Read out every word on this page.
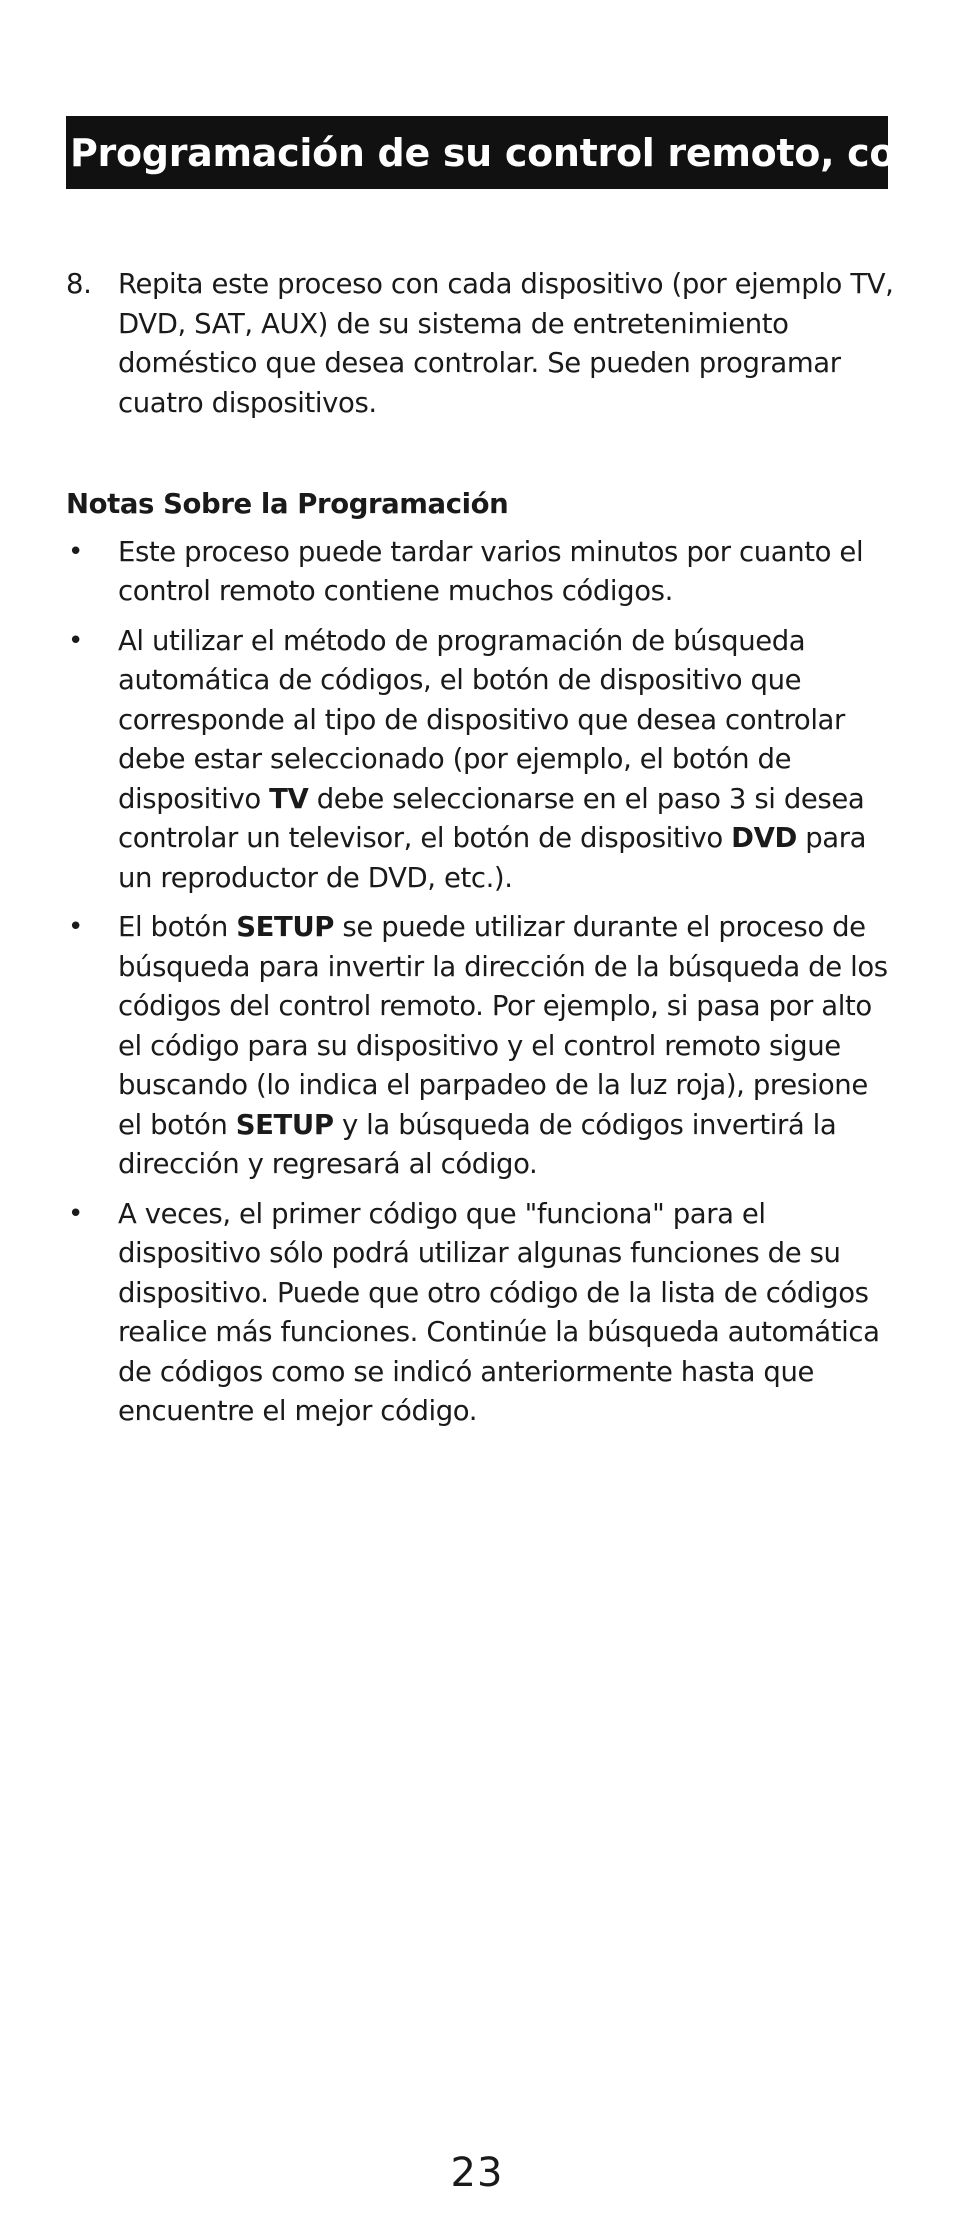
Programación de su control remoto, cont.
8. Repita este proceso con cada dispositivo (por ejemplo TV, DVD, SAT, AUX) de su sistema de entretenimiento doméstico que desea controlar. Se pueden programar cuatro dispositivos.

Notas Sobre la Programación
•	Este proceso puede tardar varios minutos por cuanto el control remoto contiene muchos códigos.

•	Al utilizar el método de programación de búsqueda automática de códigos, el botón de dispositivo que corresponde al tipo de dispositivo que desea controlar debe estar seleccionado (por ejemplo, el botón de dispositivo TV debe seleccionarse en el paso 3 si desea controlar un televisor, el botón de dispositivo DVD para un reproductor de DVD, etc.).

•	El botón SETUP se puede utilizar durante el proceso de búsqueda para invertir la dirección de la búsqueda de los códigos del control remoto. Por ejemplo, si pasa por alto el código para su dispositivo y el control remoto sigue buscando (lo indica el parpadeo de la luz roja), presione el botón SETUP y la búsqueda de códigos invertirá la dirección y regresará al código.

•	A veces, el primer código que "funciona" para el dispositivo sólo podrá utilizar algunas funciones de su dispositivo. Puede que otro código de la lista de códigos realice más funciones. Continúe la búsqueda automática de códigos como se indicó anteriormente hasta que encuentre el mejor código.

23
